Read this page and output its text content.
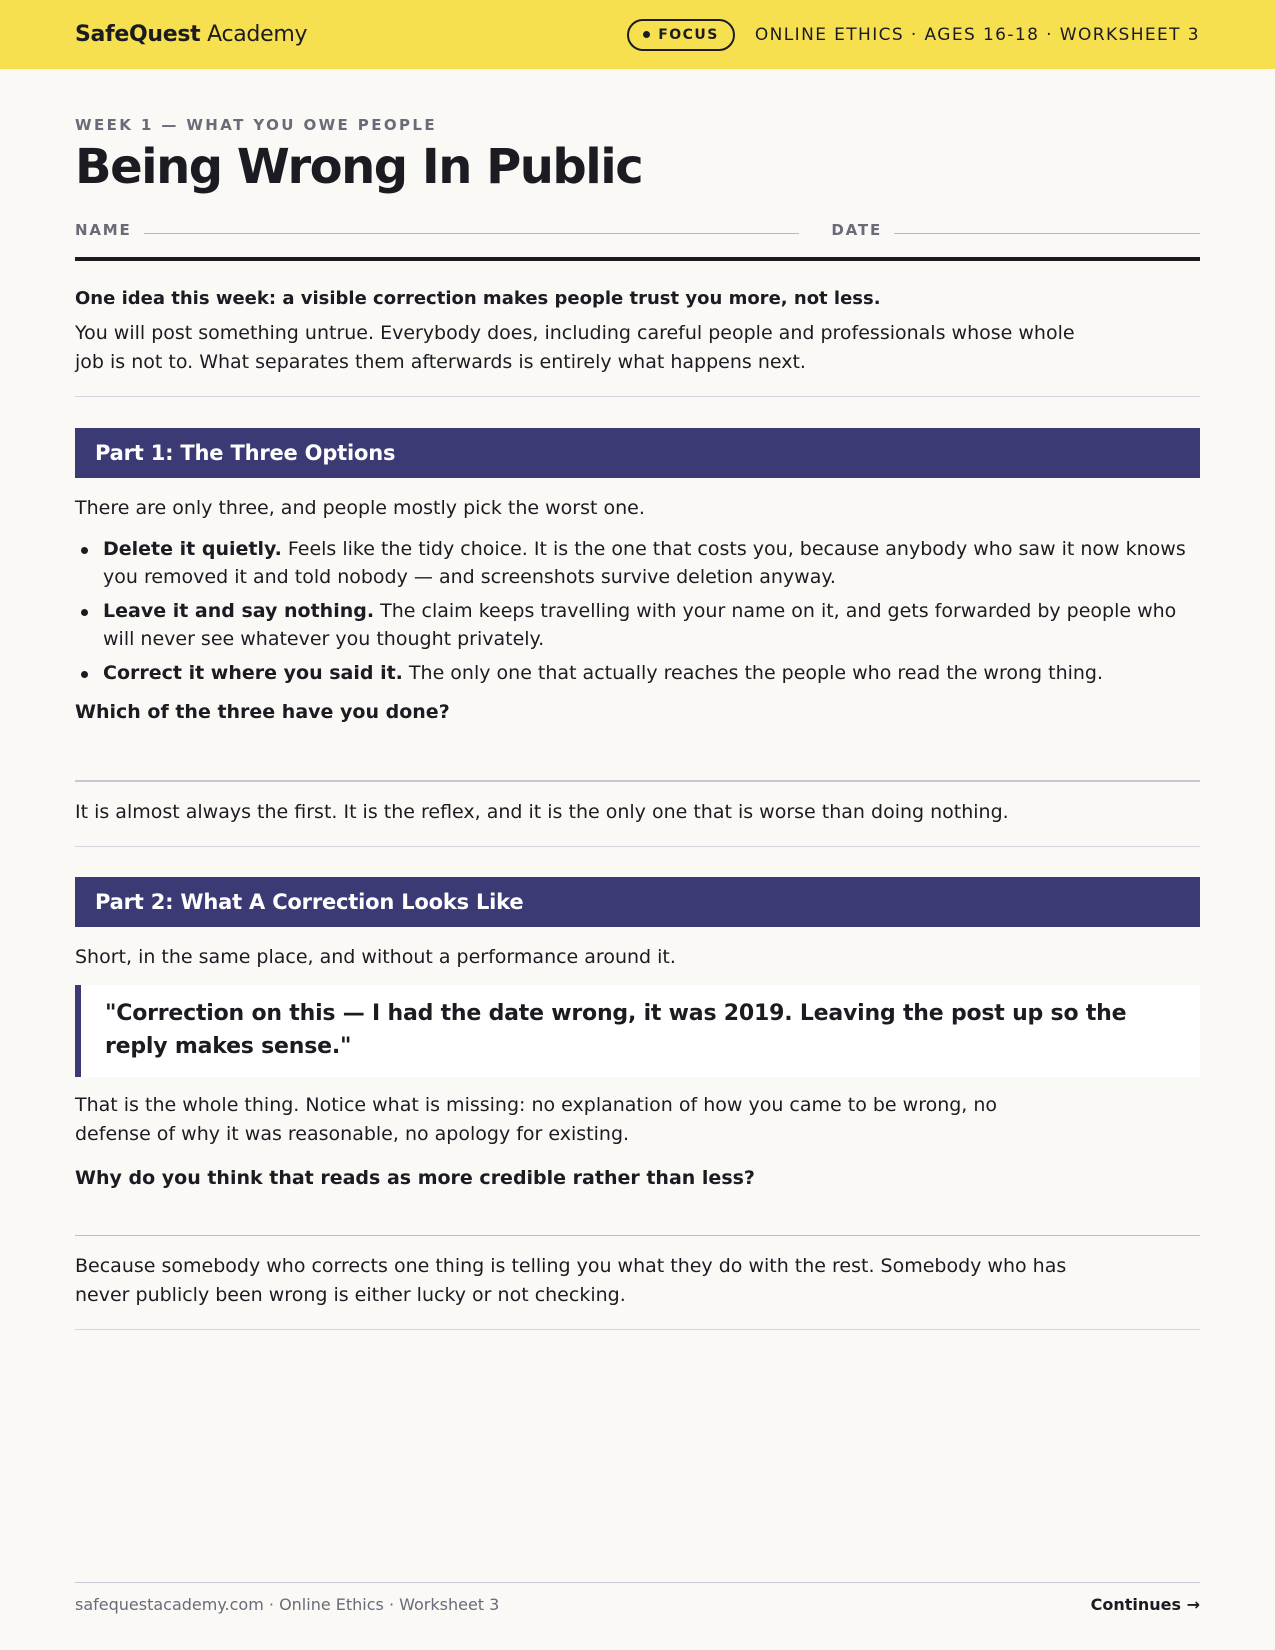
SafeQuest Academy	FOCUS ONLINE ETHICS · AGES 16-18 · WORKSHEET 3
WEEK 1 — WHAT YOU OWE PEOPLE
Being Wrong In Public
NAME	DATE
One idea this week: a visible correction makes people trust you more, not less.

You will post something untrue. Everybody does, including careful people and professionals whose whole job is not to. What separates them afterwards is entirely what happens next.

Part 1: The Three Options

There are only three, and people mostly pick the worst one.

Delete it quietly. Feels like the tidy choice. It is the one that costs you, because anybody who saw it now knows you removed it and told nobody — and screenshots survive deletion anyway.
Leave it and say nothing. The claim keeps travelling with your name on it, and gets forwarded by people who will never see whatever you thought privately.
Correct it where you said it. The only one that actually reaches the people who read the wrong thing.
Which of the three have you done?

It is almost always the first. It is the reflex, and it is the only one that is worse than doing nothing.

Part 2: What A Correction Looks Like

Short, in the same place, and without a performance around it.

"Correction on this — I had the date wrong, it was 2019. Leaving the post up so the reply makes sense."

That is the whole thing. Notice what is missing: no explanation of how you came to be wrong, no defense of why it was reasonable, no apology for existing.

Why do you think that reads as more credible rather than less?

Because somebody who corrects one thing is telling you what they do with the rest. Somebody who has never publicly been wrong is either lucky or not checking.

safequestacademy.com · Online Ethics · Worksheet 3	Continues →
